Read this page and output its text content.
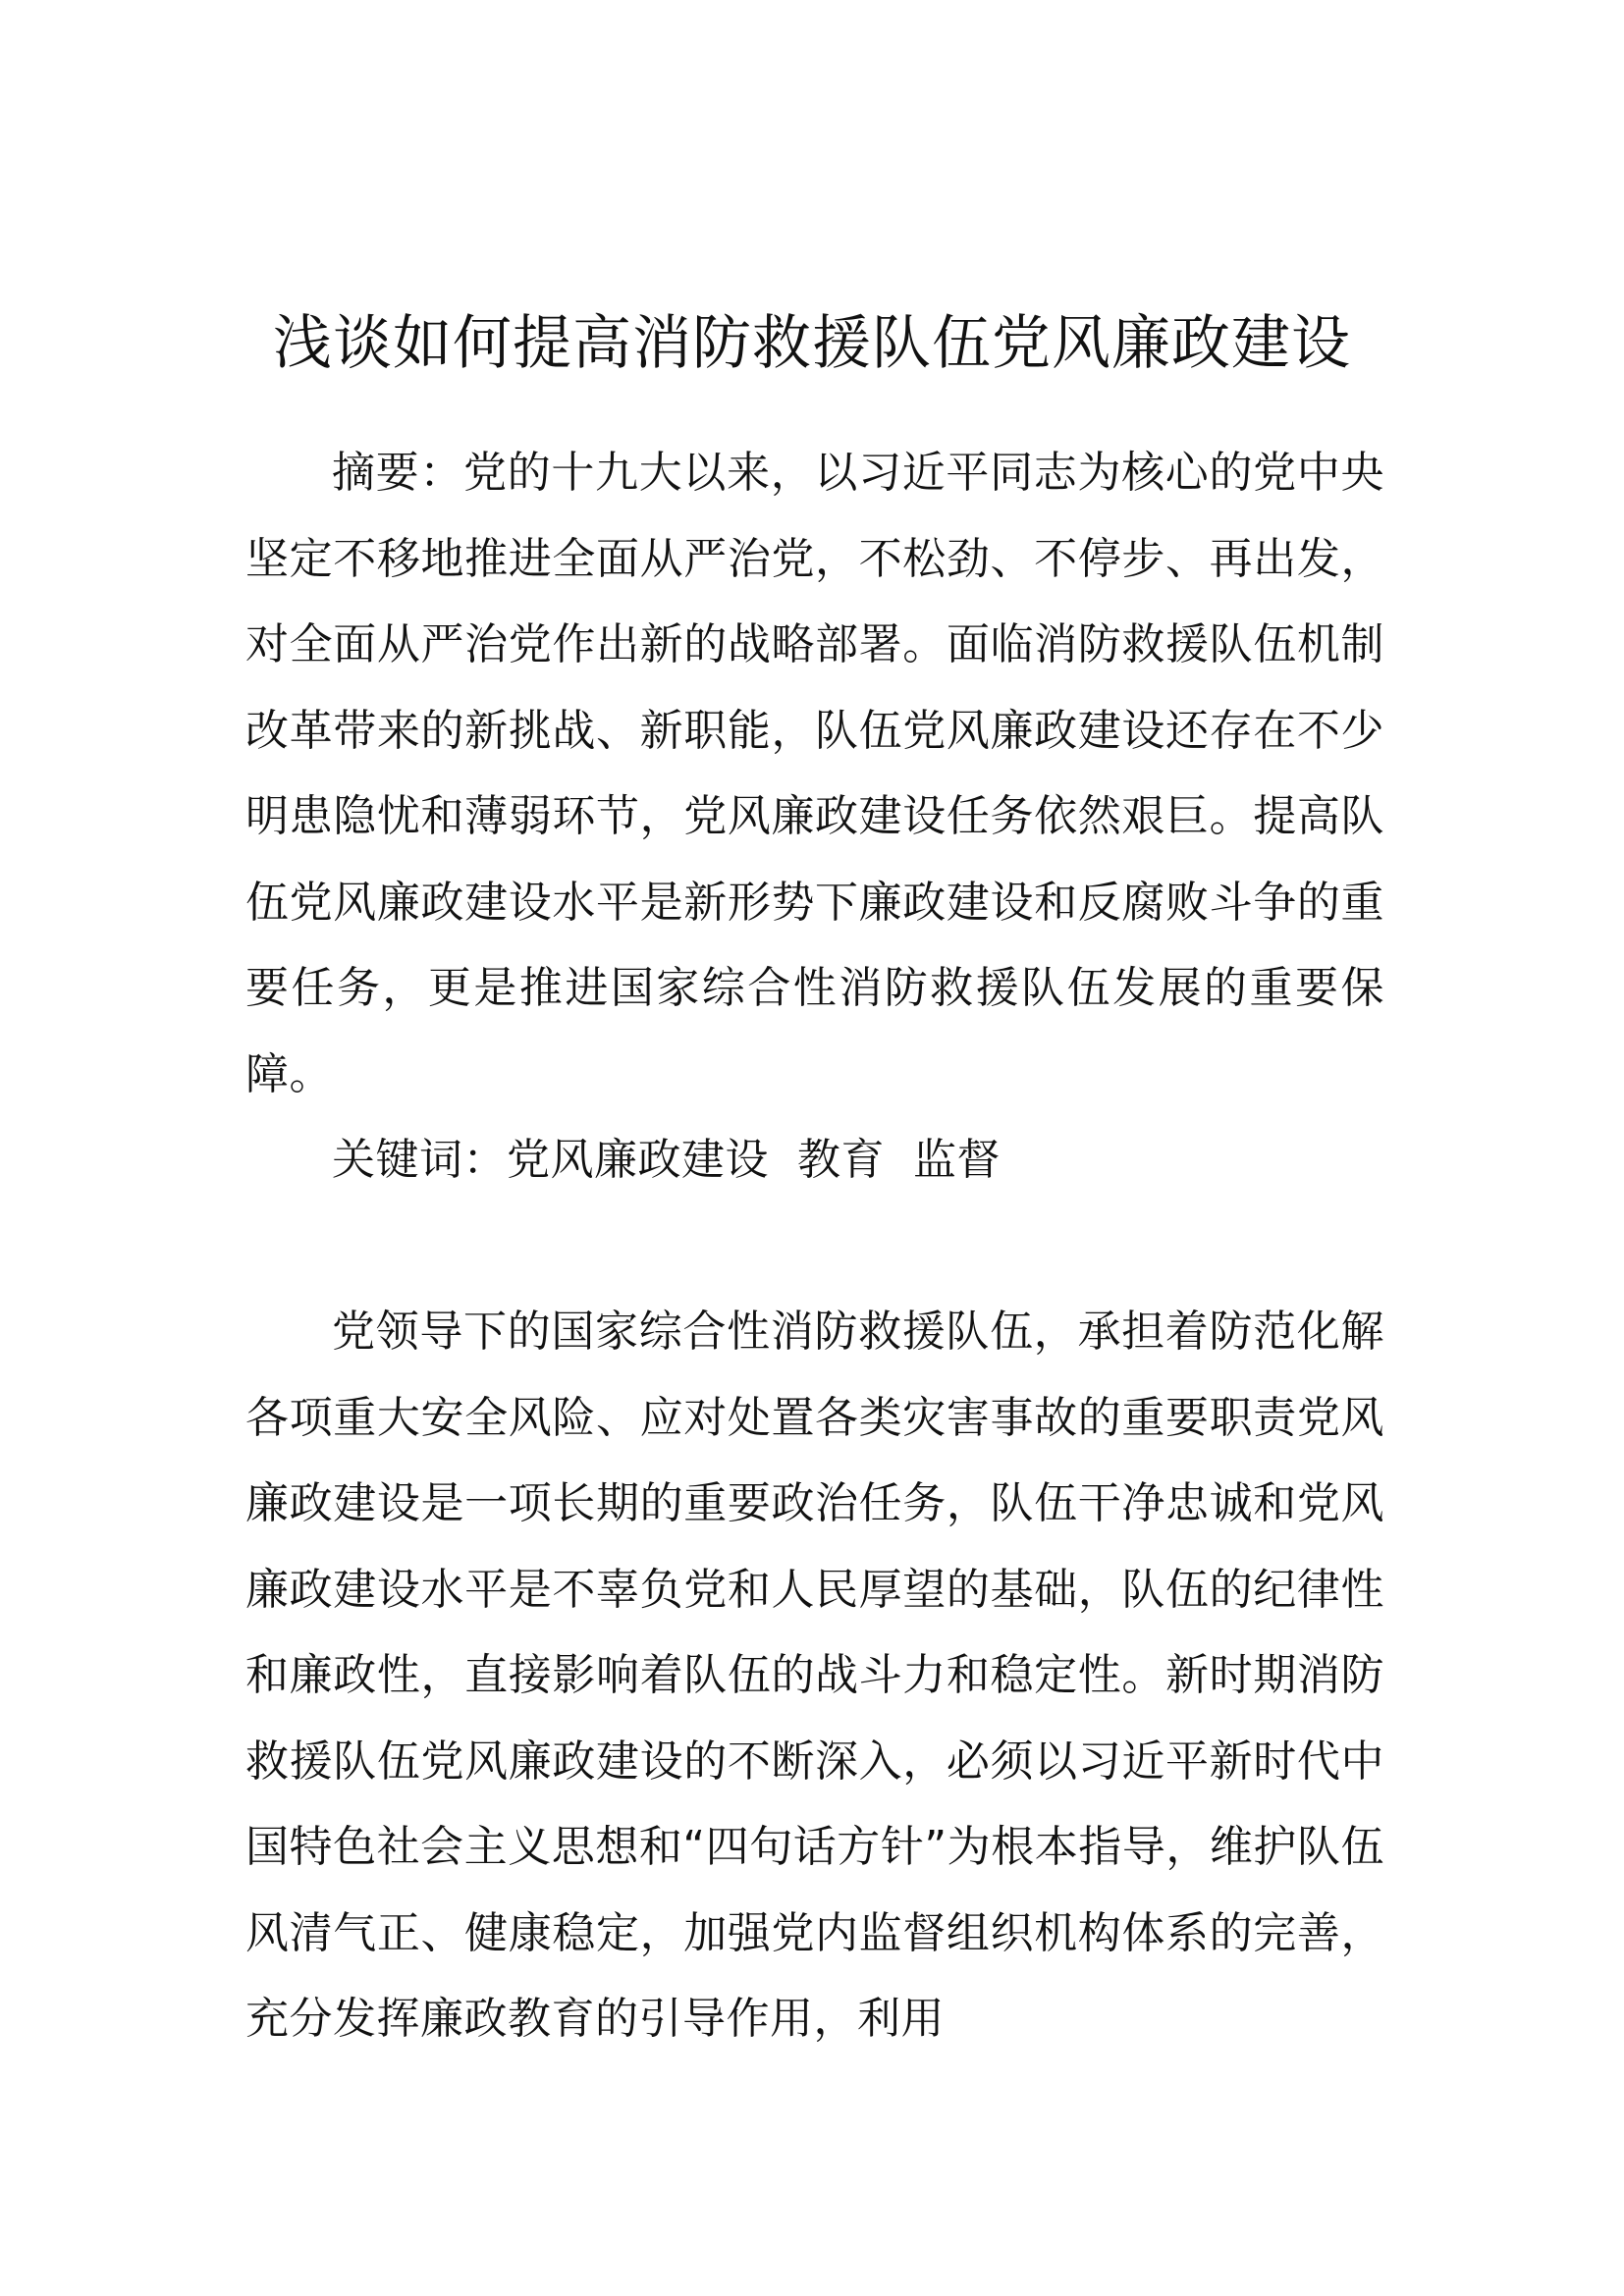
浅谈如何提高消防救援队伍党风廉政建设

摘要：党的十九大以来，以习近平同志为核心的党中央坚定不移地推进全面从严治党，不松劲、不停步、再出发，对全面从严治党作出新的战略部署。面临消防救援队伍机制改革带来的新挑战、新职能，队伍党风廉政建设还存在不少明患隐忧和薄弱环节，党风廉政建设任务依然艰巨。提高队伍党风廉政建设水平是新形势下廉政建设和反腐败斗争的重要任务，更是推进国家综合性消防救援队伍发展的重要保障。

关键词：党风廉政建设  教育  监督

党领导下的国家综合性消防救援队伍，承担着防范化解各项重大安全风险、应对处置各类灾害事故的重要职责党风廉政建设是一项长期的重要政治任务，队伍干净忠诚和党风廉政建设水平是不辜负党和人民厚望的基础，队伍的纪律性和廉政性，直接影响着队伍的战斗力和稳定性。新时期消防救援队伍党风廉政建设的不断深入，必须以习近平新时代中国特色社会主义思想和“四句话方针”为根本指导，维护队伍风清气正、健康稳定，加强党内监督组织机构体系的完善，充分发挥廉政教育的引导作用，利用
